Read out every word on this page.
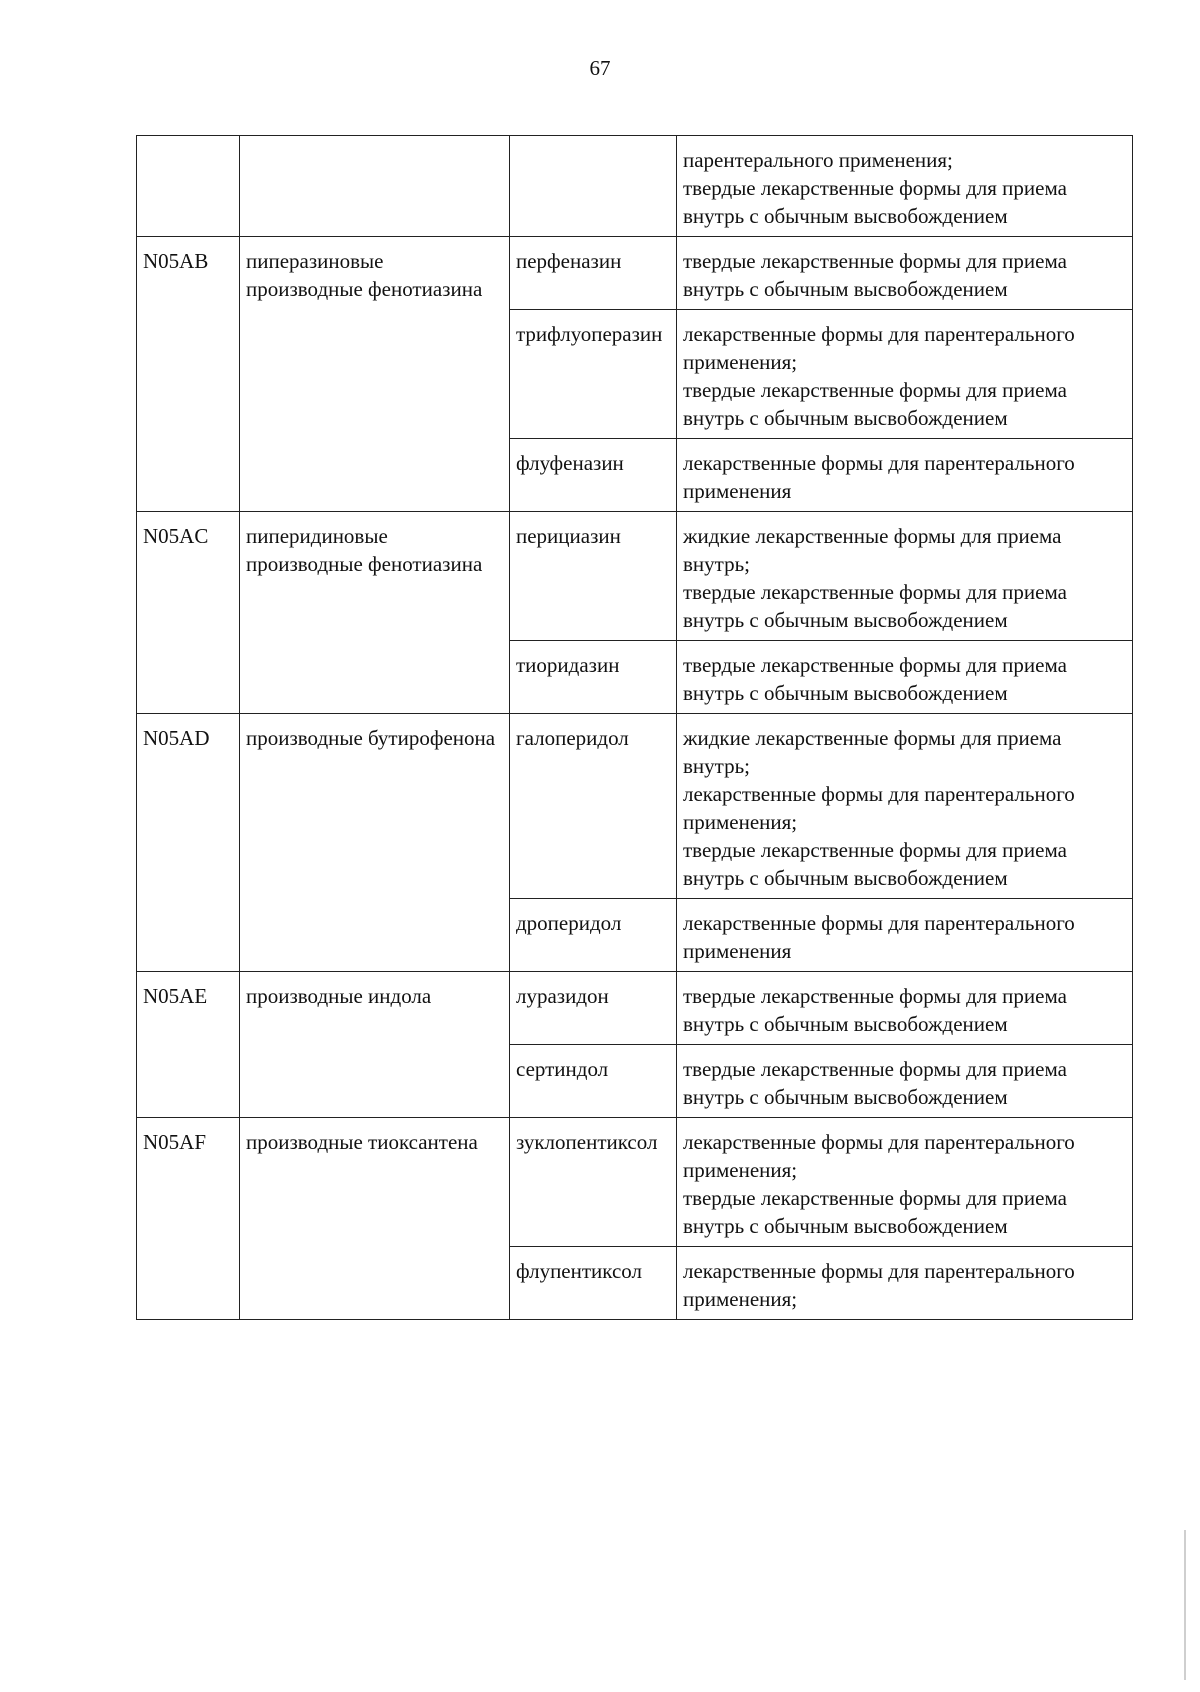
67
			парентерального применения;
твердые лекарственные формы для приема внутрь с обычным высвобождением
N05AB	пиперазиновые производные фенотиазина	перфеназин	твердые лекарственные формы для приема внутрь с обычным высвобождением
		трифлуоперазин	лекарственные формы для парентерального применения;
твердые лекарственные формы для приема внутрь с обычным высвобождением
		флуфеназин	лекарственные формы для парентерального применения
N05AC	пиперидиновые производные фенотиазина	перициазин	жидкие лекарственные формы для приема внутрь;
твердые лекарственные формы для приема внутрь с обычным высвобождением
		тиоридазин	твердые лекарственные формы для приема внутрь с обычным высвобождением
N05AD	производные бутирофенона	галоперидол	жидкие лекарственные формы для приема внутрь;
лекарственные формы для парентерального применения;
твердые лекарственные формы для приема внутрь с обычным высвобождением
		дроперидол	лекарственные формы для парентерального применения
N05AE	производные индола	луразидон	твердые лекарственные формы для приема внутрь с обычным высвобождением
		сертиндол	твердые лекарственные формы для приема внутрь с обычным высвобождением
N05AF	производные тиоксантена	зуклопентиксол	лекарственные формы для парентерального применения;
твердые лекарственные формы для приема внутрь с обычным высвобождением
		флупентиксол	лекарственные формы для парентерального применения;
